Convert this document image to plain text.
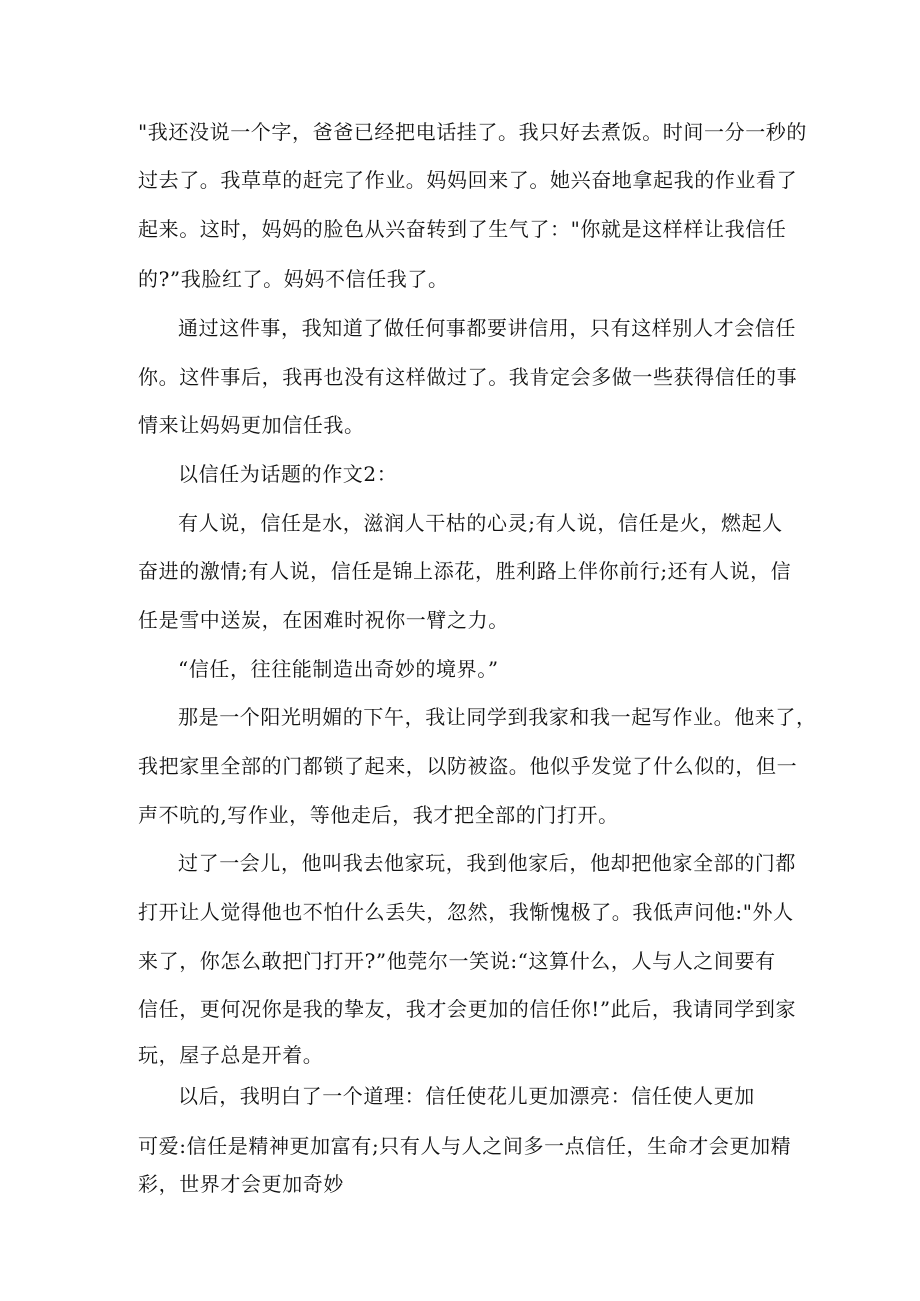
"我还没说一个字，爸爸已经把电话挂了。我只好去煮饭。时间一分一秒的
过去了。我草草的赶完了作业。妈妈回来了。她兴奋地拿起我的作业看了
起来。这时，妈妈的脸色从兴奋转到了生气了："你就是这样样让我信任
的?”我脸红了。妈妈不信任我了。
通过这件事，我知道了做任何事都要讲信用，只有这样别人才会信任
你。这件事后，我再也没有这样做过了。我肯定会多做一些获得信任的事
情来让妈妈更加信任我。
以信任为话题的作文2：
有人说，信任是水，滋润人干枯的心灵;有人说，信任是火，燃起人
奋进的激情;有人说，信任是锦上添花，胜利路上伴你前行;还有人说，信
任是雪中送炭，在困难时祝你一臂之力。
“信任，往往能制造出奇妙的境界。”
那是一个阳光明媚的下午，我让同学到我家和我一起写作业。他来了，
我把家里全部的门都锁了起来，以防被盗。他似乎发觉了什么似的，但一
声不吭的,写作业，等他走后，我才把全部的门打开。
过了一会儿，他叫我去他家玩，我到他家后，他却把他家全部的门都
打开让人觉得他也不怕什么丢失，忽然，我惭愧极了。我低声问他:"外人
来了，你怎么敢把门打开?”他莞尔一笑说:“这算什么，人与人之间要有
信任，更何况你是我的挚友，我才会更加的信任你!”此后，我请同学到家
玩，屋子总是开着。
以后，我明白了一个道理：信任使花儿更加漂亮：信任使人更加
可爱:信任是精神更加富有;只有人与人之间多一点信任，生命才会更加精
彩，世界才会更加奇妙
